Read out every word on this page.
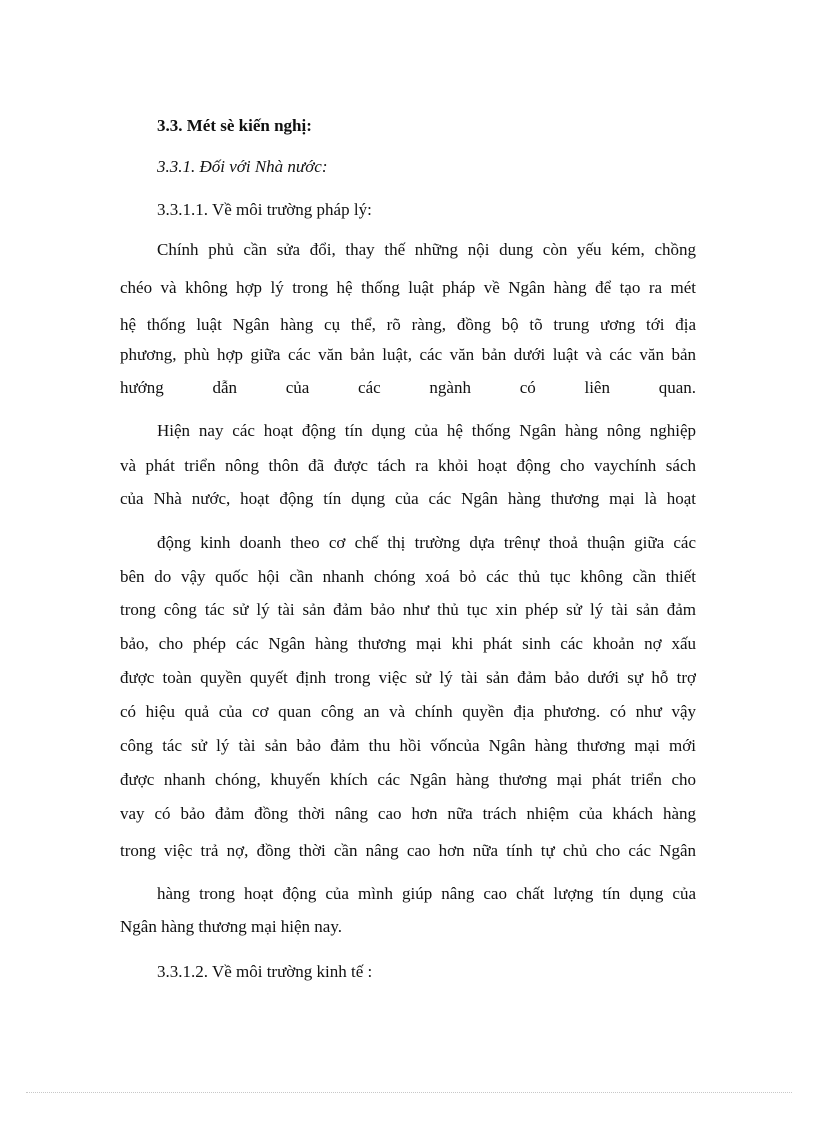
3.3. Mét sè kiến nghị:
3.3.1. Đối với Nhà nước:
3.3.1.1. Về môi trường pháp lý:
Chính phủ cần sửa đổi, thay thế những nội dung còn yếu kém, chồng
chéo và không hợp lý trong hệ thống luật pháp về Ngân hàng để tạo ra mét
hệ thống luật Ngân hàng cụ thể, rõ ràng, đồng bộ tõ trung ương tới địa
phương, phù hợp giữa các văn bản luật, các văn bản dưới luật và các văn bản
hướng dẫn của các ngành có liên quan.
Hiện nay các hoạt động tín dụng của hệ thống Ngân hàng nông nghiệp
và phát triển nông thôn đã được tách ra khỏi hoạt động cho vaychính sách
của Nhà nước, hoạt động tín dụng của các Ngân hàng thương mại là hoạt
động kinh doanh theo cơ chế thị trường dựa trênự thoả thuận giữa các
bên do vậy quốc hội cần nhanh chóng xoá bỏ các thủ tục không cần thiết
trong công tác sử lý tài sản đảm bảo như thủ tục xin phép sử lý tài sản đảm
bảo, cho phép các Ngân hàng thương mại khi phát sinh các khoản nợ xấu
được toàn quyền quyết định trong việc sử lý tài sản đảm bảo dưới sự hỗ trợ
có hiệu quả của cơ quan công an và chính quyền địa phương. có như vậy
công tác sử lý tài sản bảo đảm thu hồi vốncủa Ngân hàng thương mại mới
được nhanh chóng, khuyến khích các Ngân hàng thương mại phát triển cho
vay có bảo đảm đồng thời nâng cao hơn nữa trách nhiệm của khách hàng
trong việc trả nợ, đồng thời cần nâng cao hơn nữa tính tự chủ cho các Ngân
hàng trong hoạt động của mình giúp nâng cao chất lượng tín dụng của
Ngân hàng thương mại hiện nay.
3.3.1.2. Về môi trường kinh tế :
